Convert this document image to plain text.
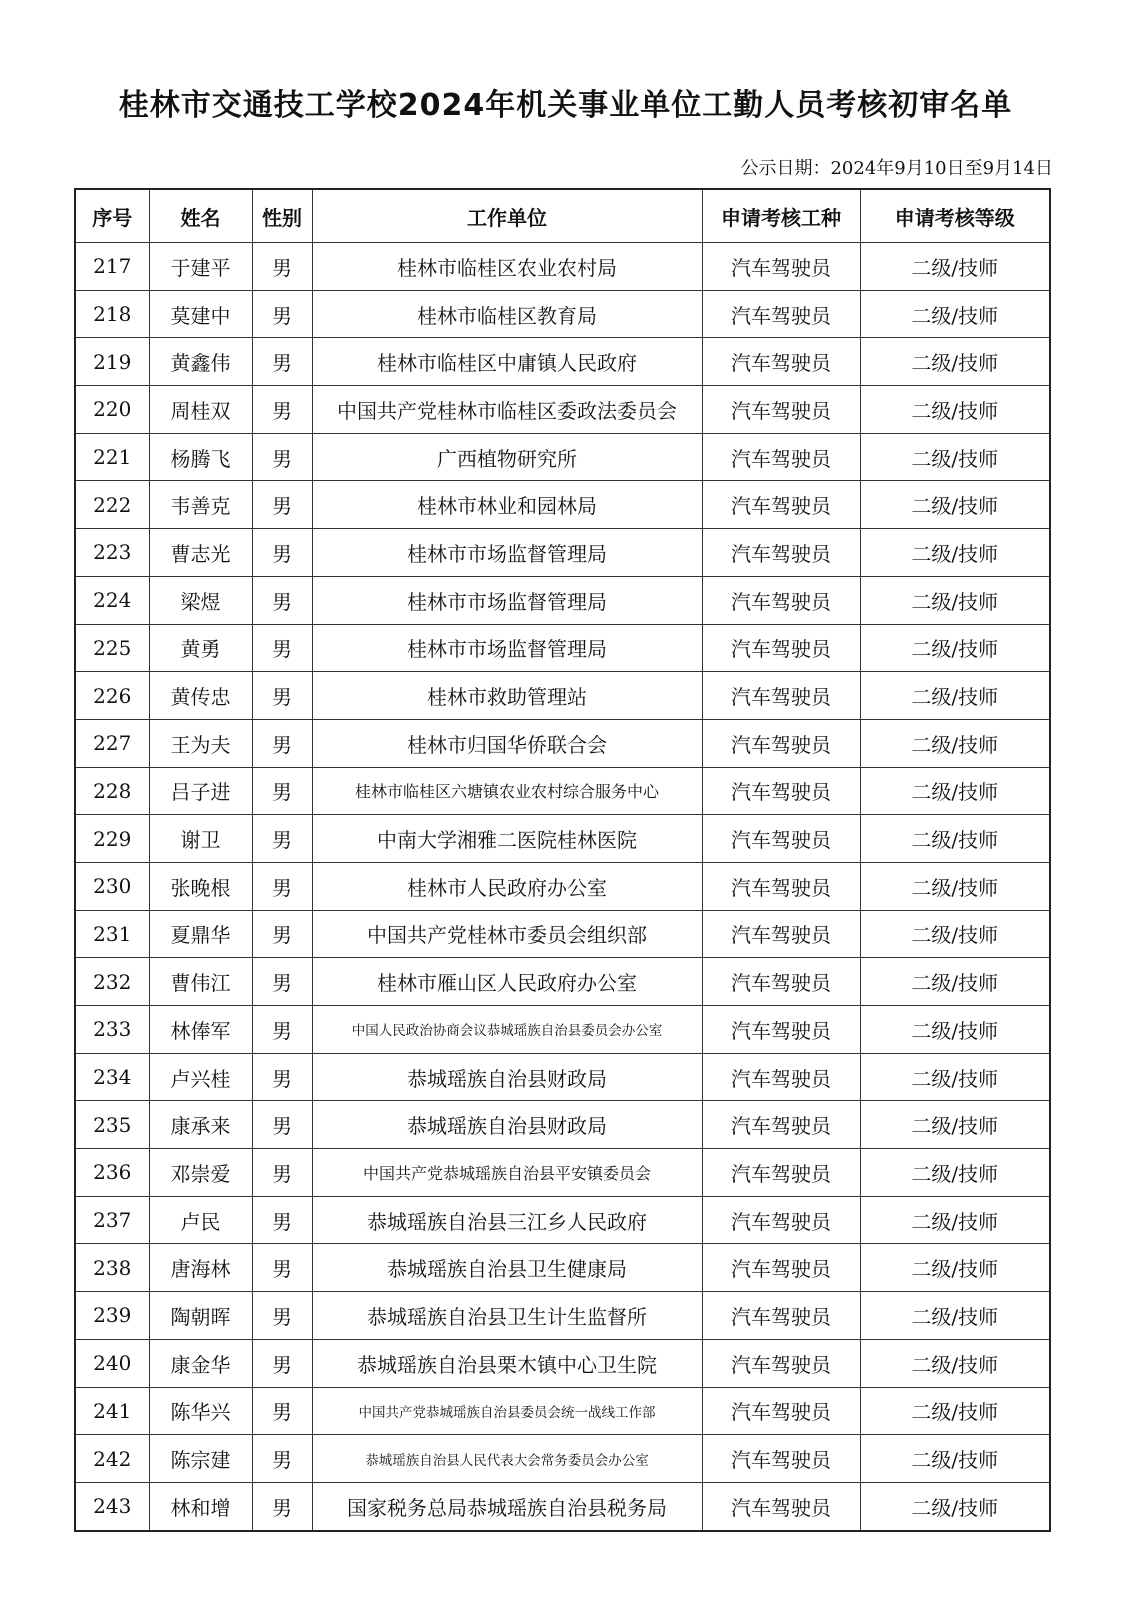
桂林市交通技工学校2024年机关事业单位工勤人员考核初审名单
公示日期：2024年9月10日至9月14日
序号	姓名	性别	工作单位	申请考核工种	申请考核等级
217	于建平	男	桂林市临桂区农业农村局	汽车驾驶员	二级/技师
218	莫建中	男	桂林市临桂区教育局	汽车驾驶员	二级/技师
219	黄鑫伟	男	桂林市临桂区中庸镇人民政府	汽车驾驶员	二级/技师
220	周桂双	男	中国共产党桂林市临桂区委政法委员会	汽车驾驶员	二级/技师
221	杨腾飞	男	广西植物研究所	汽车驾驶员	二级/技师
222	韦善克	男	桂林市林业和园林局	汽车驾驶员	二级/技师
223	曹志光	男	桂林市市场监督管理局	汽车驾驶员	二级/技师
224	梁煜	男	桂林市市场监督管理局	汽车驾驶员	二级/技师
225	黄勇	男	桂林市市场监督管理局	汽车驾驶员	二级/技师
226	黄传忠	男	桂林市救助管理站	汽车驾驶员	二级/技师
227	王为夫	男	桂林市归国华侨联合会	汽车驾驶员	二级/技师
228	吕子进	男	桂林市临桂区六塘镇农业农村综合服务中心	汽车驾驶员	二级/技师
229	谢卫	男	中南大学湘雅二医院桂林医院	汽车驾驶员	二级/技师
230	张晚根	男	桂林市人民政府办公室	汽车驾驶员	二级/技师
231	夏鼎华	男	中国共产党桂林市委员会组织部	汽车驾驶员	二级/技师
232	曹伟江	男	桂林市雁山区人民政府办公室	汽车驾驶员	二级/技师
233	林俸军	男	中国人民政治协商会议恭城瑶族自治县委员会办公室	汽车驾驶员	二级/技师
234	卢兴桂	男	恭城瑶族自治县财政局	汽车驾驶员	二级/技师
235	康承来	男	恭城瑶族自治县财政局	汽车驾驶员	二级/技师
236	邓崇爱	男	中国共产党恭城瑶族自治县平安镇委员会	汽车驾驶员	二级/技师
237	卢民	男	恭城瑶族自治县三江乡人民政府	汽车驾驶员	二级/技师
238	唐海林	男	恭城瑶族自治县卫生健康局	汽车驾驶员	二级/技师
239	陶朝晖	男	恭城瑶族自治县卫生计生监督所	汽车驾驶员	二级/技师
240	康金华	男	恭城瑶族自治县栗木镇中心卫生院	汽车驾驶员	二级/技师
241	陈华兴	男	中国共产党恭城瑶族自治县委员会统一战线工作部	汽车驾驶员	二级/技师
242	陈宗建	男	恭城瑶族自治县人民代表大会常务委员会办公室	汽车驾驶员	二级/技师
243	林和增	男	国家税务总局恭城瑶族自治县税务局	汽车驾驶员	二级/技师
